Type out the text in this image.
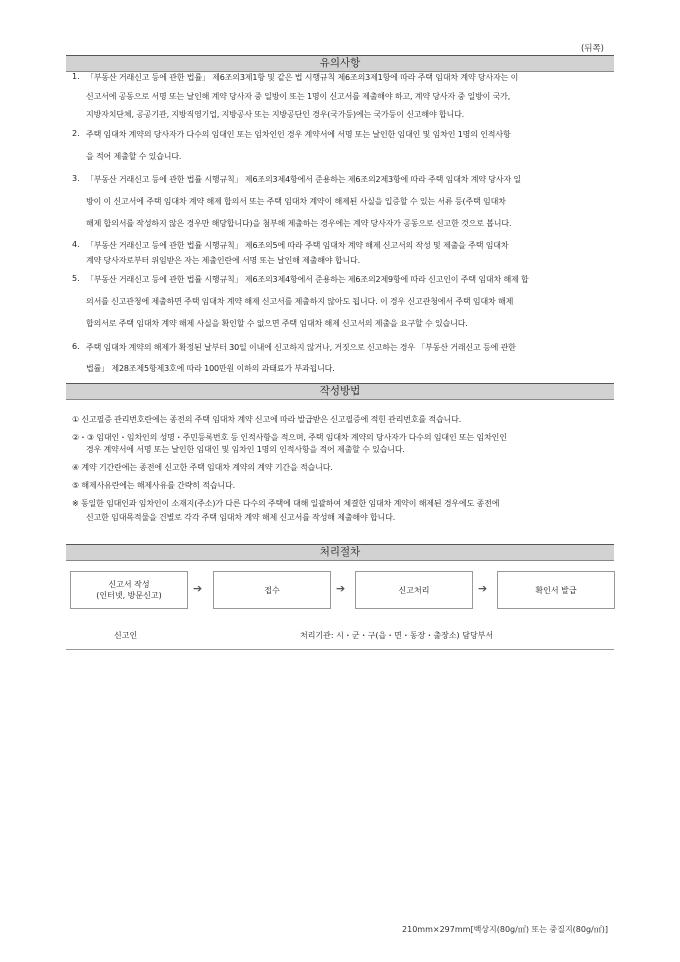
(뒤쪽)
유의사항
1. 「부동산 거래신고 등에 관한 법률」 제6조의3제1항 및 같은 법 시행규칙 제6조의3제1항에 따라 주택 임대차 계약 당사자는 이
신고서에 공동으로 서명 또는 날인해 계약 당사자 중 일방이 또는 1명이 신고서를 제출해야 하고, 계약 당사자 중 일방이 국가,
지방자치단체, 공공기관, 지방직영기업, 지방공사 또는 지방공단인 경우(국가등)에는 국가등이 신고해야 합니다.
2. 주택 임대차 계약의 당사자가 다수의 임대인 또는 임차인인 경우 계약서에 서명 또는 날인한 임대인 및 임차인 1명의 인적사항
을 적어 제출할 수 있습니다.
3. 「부동산 거래신고 등에 관한 법률 시행규칙」 제6조의3제4항에서 준용하는 제6조의2제3항에 따라 주택 임대차 계약 당사자 일
방이 이 신고서에 주택 임대차 계약 해제 합의서 또는 주택 임대차 계약이 해제된 사실을 입증할 수 있는 서류 등(주택 임대차
해제 합의서를 작성하지 않은 경우만 해당합니다)을 첨부해 제출하는 경우에는 계약 당사자가 공동으로 신고한 것으로 봅니다.
4. 「부동산 거래신고 등에 관한 법률 시행규칙」 제6조의5에 따라 주택 임대차 계약 해제 신고서의 작성 및 제출을 주택 임대차
계약 당사자로부터 위임받은 자는 제출인란에 서명 또는 날인해 제출해야 합니다.
5. 「부동산 거래신고 등에 관한 법률 시행규칙」 제6조의3제4항에서 준용하는 제6조의2제9항에 따라 신고인이 주택 임대차 해제 합
의서를 신고관청에 제출하면 주택 임대차 계약 해제 신고서를 제출하지 않아도 됩니다. 이 경우 신고관청에서 주택 임대차 해제
합의서로 주택 임대차 계약 해제 사실을 확인할 수 없으면 주택 임대차 해제 신고서의 제출을 요구할 수 있습니다.
6. 주택 임대차 계약의 해제가 확정된 날부터 30일 이내에 신고하지 않거나, 거짓으로 신고하는 경우 「부동산 거래신고 등에 관한
법률」 제28조제5항제3호에 따라 100만원 이하의 과태료가 부과됩니다.
작성방법
① 신고필증 관리번호란에는 종전의 주택 임대차 계약 신고에 따라 발급받은 신고필증에 적힌 관리번호를 적습니다.
②・③ 임대인・임차인의 성명・주민등록번호 등 인적사항을 적으며, 주택 임대차 계약의 당사자가 다수의 임대인 또는 임차인인
경우 계약서에 서명 또는 날인한 임대인 및 임차인 1명의 인적사항을 적어 제출할 수 있습니다.
④ 계약 기간란에는 종전에 신고한 주택 임대차 계약의 계약 기간을 적습니다.
⑤ 해제사유란에는 해제사유를 간략히 적습니다.
※ 동일한 임대인과 임차인이 소재지(주소)가 다른 다수의 주택에 대해 일괄하여 체결한 임대차 계약이 해제된 경우에도 종전에
신고한 임대목적물을 건별로 각각 주택 임대차 계약 해제 신고서를 작성해 제출해야 합니다.
처리절차
신고서 작성
(인터넷, 방문신고)
➔	접수	➔	신고처리	➔	확인서 발급
신고인	처리기관: 시・군・구(읍・면・동장・출장소) 담당부서
210mm×297mm[백상지(80g/㎡) 또는 중질지(80g/㎡)]
